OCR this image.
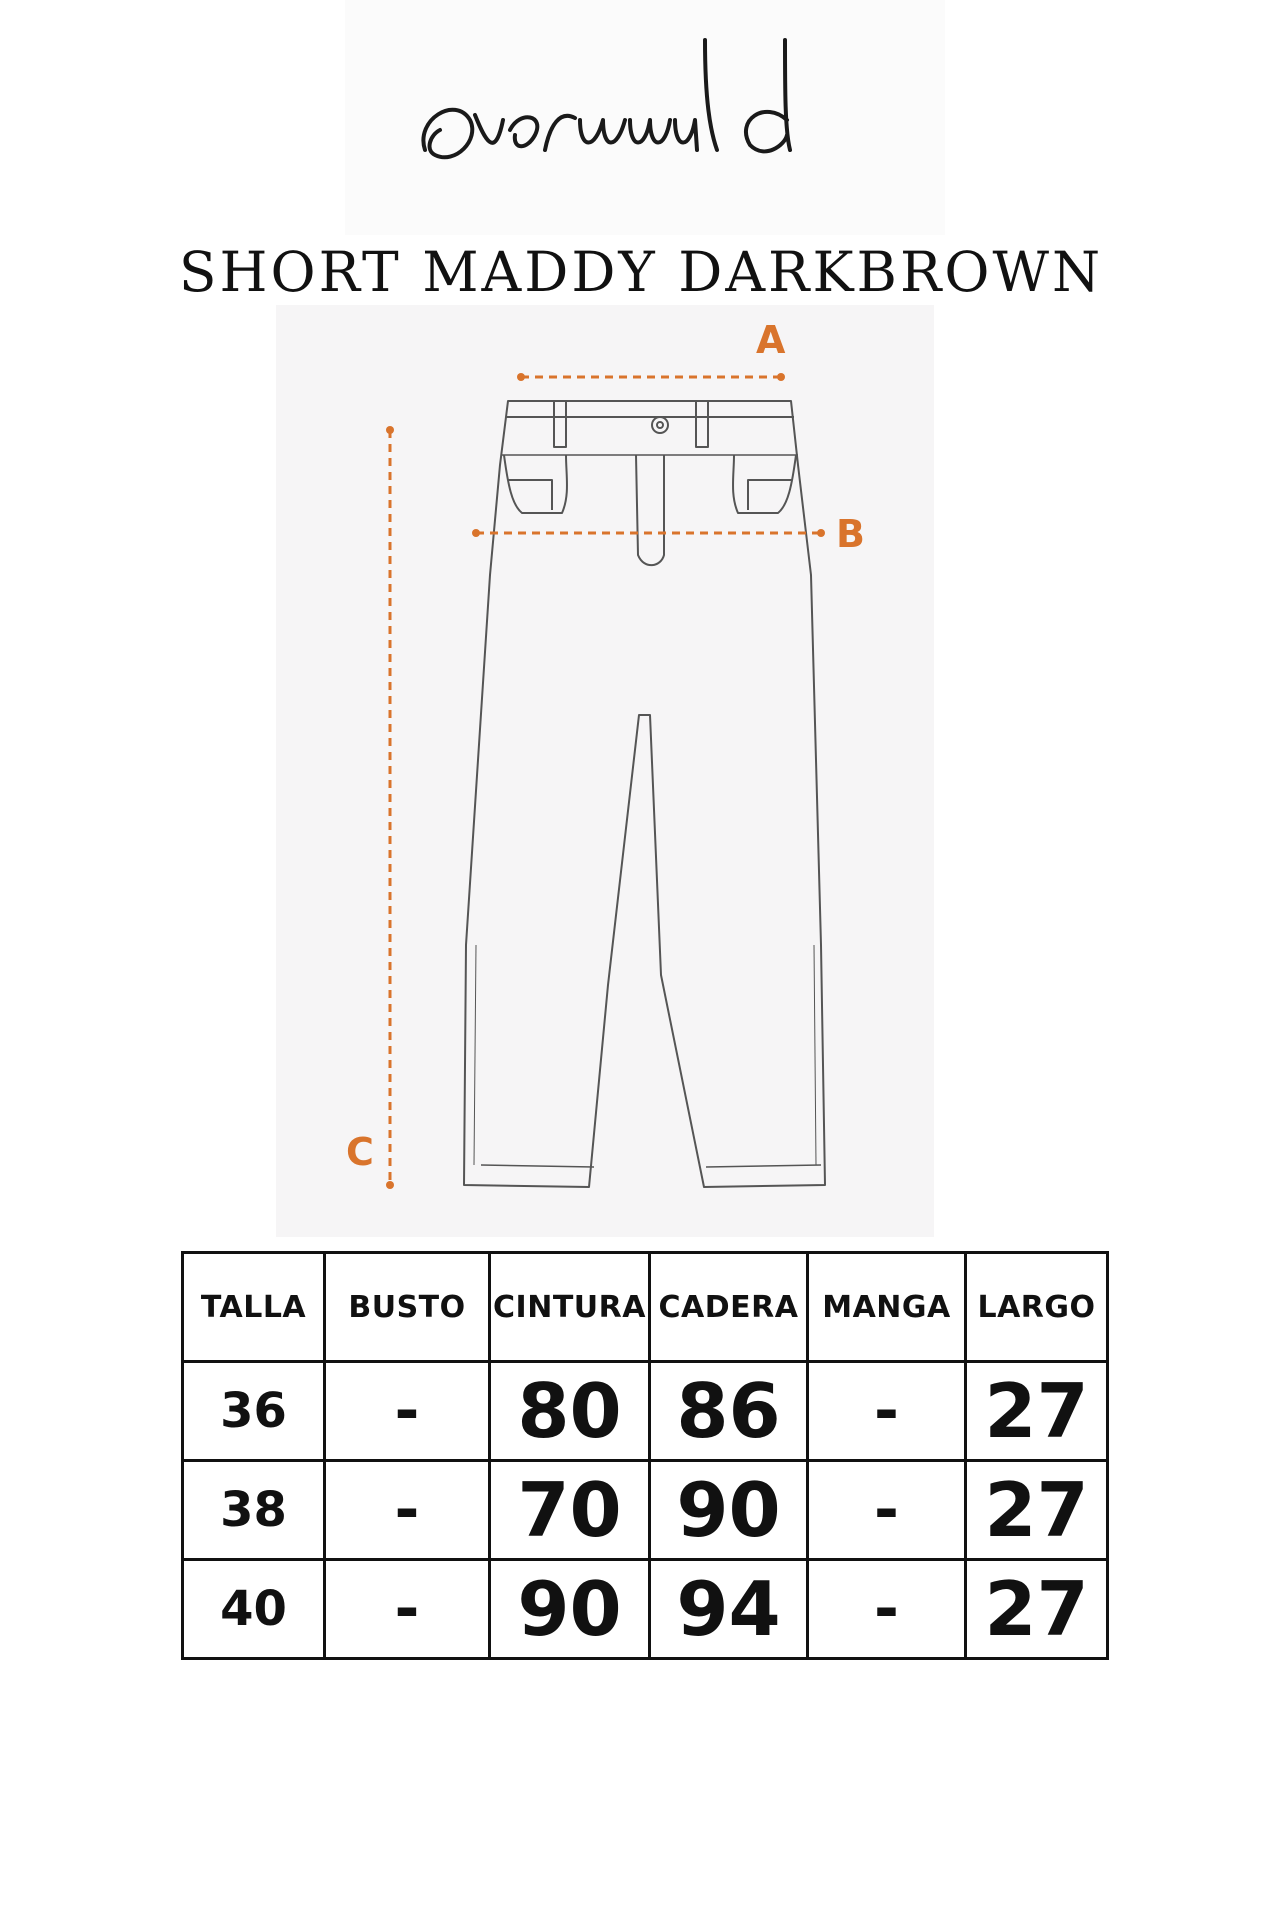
SHORT MADDY DARKBROWN
A
B
C
TALLA	BUSTO	CINTURA	CADERA	MANGA	LARGO
36	-	80	86	-	27
38	-	70	90	-	27
40	-	90	94	-	27
